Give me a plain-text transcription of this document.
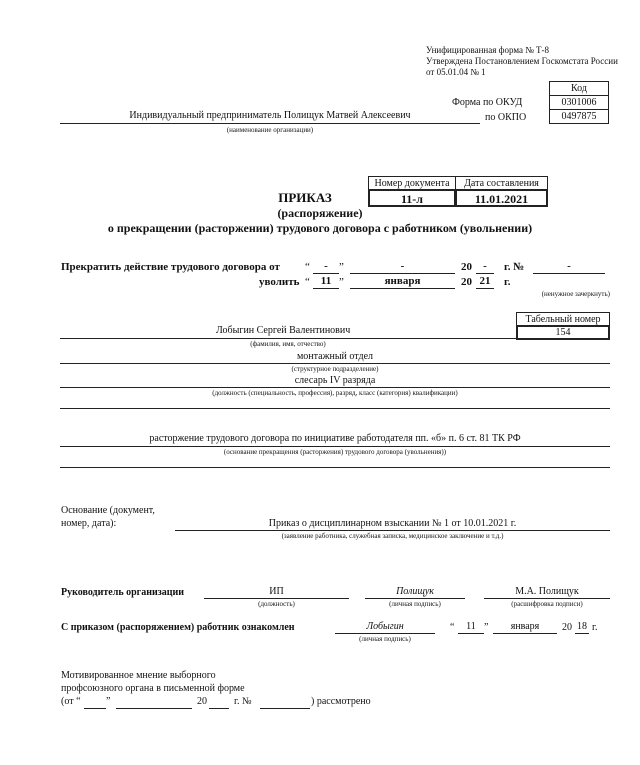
Унифицированная форма № Т-8
Утверждена Постановлением Госкомстата России
от 05.01.04 № 1
Код
Форма по ОКУД	0301006
по ОКПО	0497875
Индивидуальный предприниматель Полищук Матвей Алексеевич
(наименование организации)
Номер документа	Дата составления
11-л	11.01.2021
ПРИКАЗ
(распоряжение)
о прекращении (расторжении) трудового договора с работником (увольнении)
Прекратить действие трудового договора от “	-	”	-	20	-	г. №	-
уволить “ 11 ”	января	20 21	г.
(ненужное зачеркнуть)
Табельный номер
154
Лобыгин Сергей Валентинович
(фамилия, имя, отчество)
монтажный отдел
(структурное подразделение)
слесарь IV разряда
(должность (специальность, профессия), разряд, класс (категория) квалификации)
расторжение трудового договора по инициативе работодателя пп. «б» п. 6 ст. 81 ТК РФ
(основание прекращения (расторжения) трудового договора (увольнения))
Основание (документ,
номер, дата):	Приказ о дисциплинарном взыскании № 1 от 10.01.2021 г.
(заявление работника, служебная записка, медицинское заключение и т.д.)
Руководитель организации	ИП
(должность)
Полищук
(личная подпись)
М.А. Полищук
(расшифровка подписи)
С приказом (распоряжением) работник ознакомлен	Лобыгин
(личная подпись)
“	11 ”	января	20 18 г.
Мотивированное мнение выборного
профсоюзного органа в письменной форме
(от “	”	20	г. №	) рассмотрено
